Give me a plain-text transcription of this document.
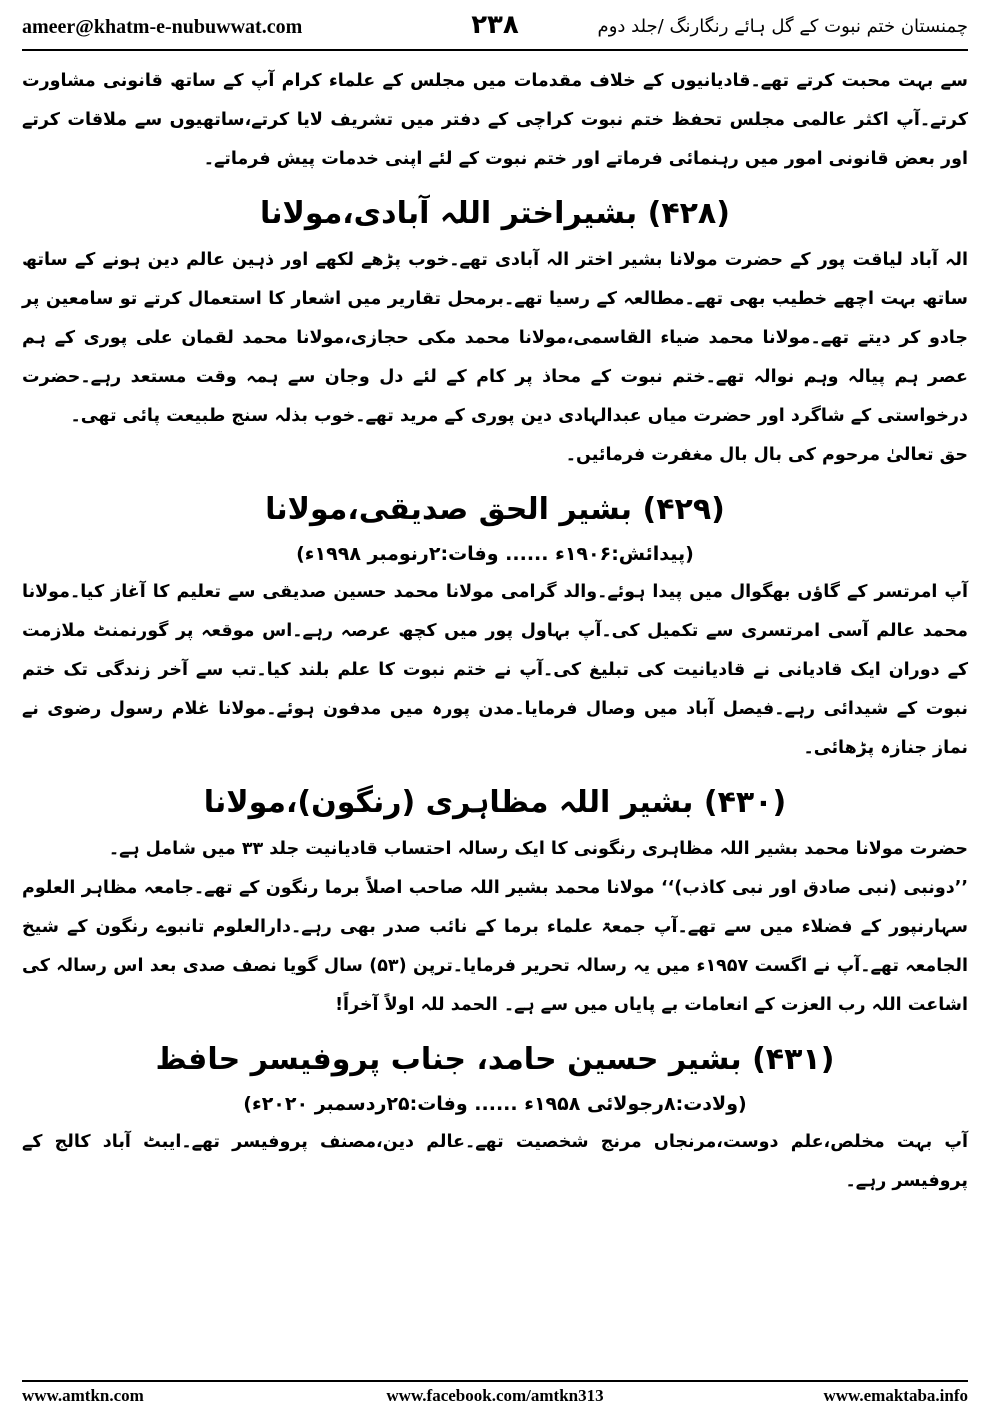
ameer@khatm-e-nubuwwat.com	۲۳۸	چمنستان ختم نبوت کے گل ہائے رنگارنگ /جلد دوم

سے بہت محبت کرتے تھے۔قادیانیوں کے خلاف مقدمات میں مجلس کے علماء کرام آپ کے ساتھ قانونی مشاورت کرتے۔آپ اکثر عالمی مجلس تحفظ ختم نبوت کراچی کے دفتر میں تشریف لایا کرتے،ساتھیوں سے ملاقات کرتے اور بعض قانونی امور میں رہنمائی فرماتے اور ختم نبوت کے لئے اپنی خدمات پیش فرماتے۔

(۴۲۸) بشیراختر اللہ آبادی،مولانا

الہ آباد لیاقت پور کے حضرت مولانا بشیر اختر الہ آبادی تھے۔خوب پڑھے لکھے اور ذہین عالم دین ہونے کے ساتھ ساتھ بہت اچھے خطیب بھی تھے۔مطالعہ کے رسیا تھے۔برمحل تقاریر میں اشعار کا استعمال کرتے تو سامعین پر جادو کر دیتے تھے۔مولانا محمد ضیاء القاسمی،مولانا محمد مکی حجازی،مولانا محمد لقمان علی پوری کے ہم عصر ہم پیالہ وہم نوالہ تھے۔ختم نبوت کے محاذ پر کام کے لئے دل وجان سے ہمہ وقت مستعد رہے۔حضرت درخواستی کے شاگرد اور حضرت میاں عبدالہادی دین پوری کے مرید تھے۔خوب بذلہ سنج طبیعت پائی تھی۔

حق تعالیٰ مرحوم کی بال بال مغفرت فرمائیں۔

(۴۲۹) بشیر الحق صدیقی،مولانا
(پیدائش:۱۹۰۶ء ...... وفات:۲رنومبر ۱۹۹۸ء)

آپ امرتسر کے گاؤں بھگوال میں پیدا ہوئے۔والد گرامی مولانا محمد حسین صدیقی سے تعلیم کا آغاز کیا۔مولانا محمد عالم آسی امرتسری سے تکمیل کی۔آپ بہاول پور میں کچھ عرصہ رہے۔اس موقعہ پر گورنمنٹ ملازمت کے دوران ایک قادیانی نے قادیانیت کی تبلیغ کی۔آپ نے ختم نبوت کا علم بلند کیا۔تب سے آخر زندگی تک ختم نبوت کے شیدائی رہے۔فیصل آباد میں وصال فرمایا۔مدن پورہ میں مدفون ہوئے۔مولانا غلام رسول رضوی نے نماز جنازہ پڑھائی۔

(۴۳۰) بشیر اللہ مظاہری (رنگون)،مولانا

حضرت مولانا محمد بشیر اللہ مظاہری رنگونی کا ایک رسالہ احتساب قادیانیت جلد ۳۳ میں شامل ہے۔

’’دونبی (نبی صادق اور نبی کاذب)‘‘ مولانا محمد بشیر اللہ صاحب اصلاً برما رنگون کے تھے۔جامعہ مظاہر العلوم سہارنپور کے فضلاء میں سے تھے۔آپ جمعۃ علماء برما کے نائب صدر بھی رہے۔دارالعلوم تانبوے رنگون کے شیخ الجامعہ تھے۔آپ نے اگست ۱۹۵۷ء میں یہ رسالہ تحریر فرمایا۔ترپن (۵۳) سال گویا نصف صدی بعد اس رسالہ کی اشاعت اللہ رب العزت کے انعامات بے پایاں میں سے ہے۔ الحمد للہ اولاً آخراً!

(۴۳۱) بشیر حسین حامد، جناب پروفیسر حافظ
(ولادت:۸رجولائی ۱۹۵۸ء ...... وفات:۲۵ردسمبر ۲۰۲۰ء)

آپ بہت مخلص،علم دوست،مرنجاں مرنج شخصیت تھے۔عالم دین،مصنف پروفیسر تھے۔ایبٹ آباد کالج کے پروفیسر رہے۔

www.amtkn.com	www.facebook.com/amtkn313	www.emaktaba.info
